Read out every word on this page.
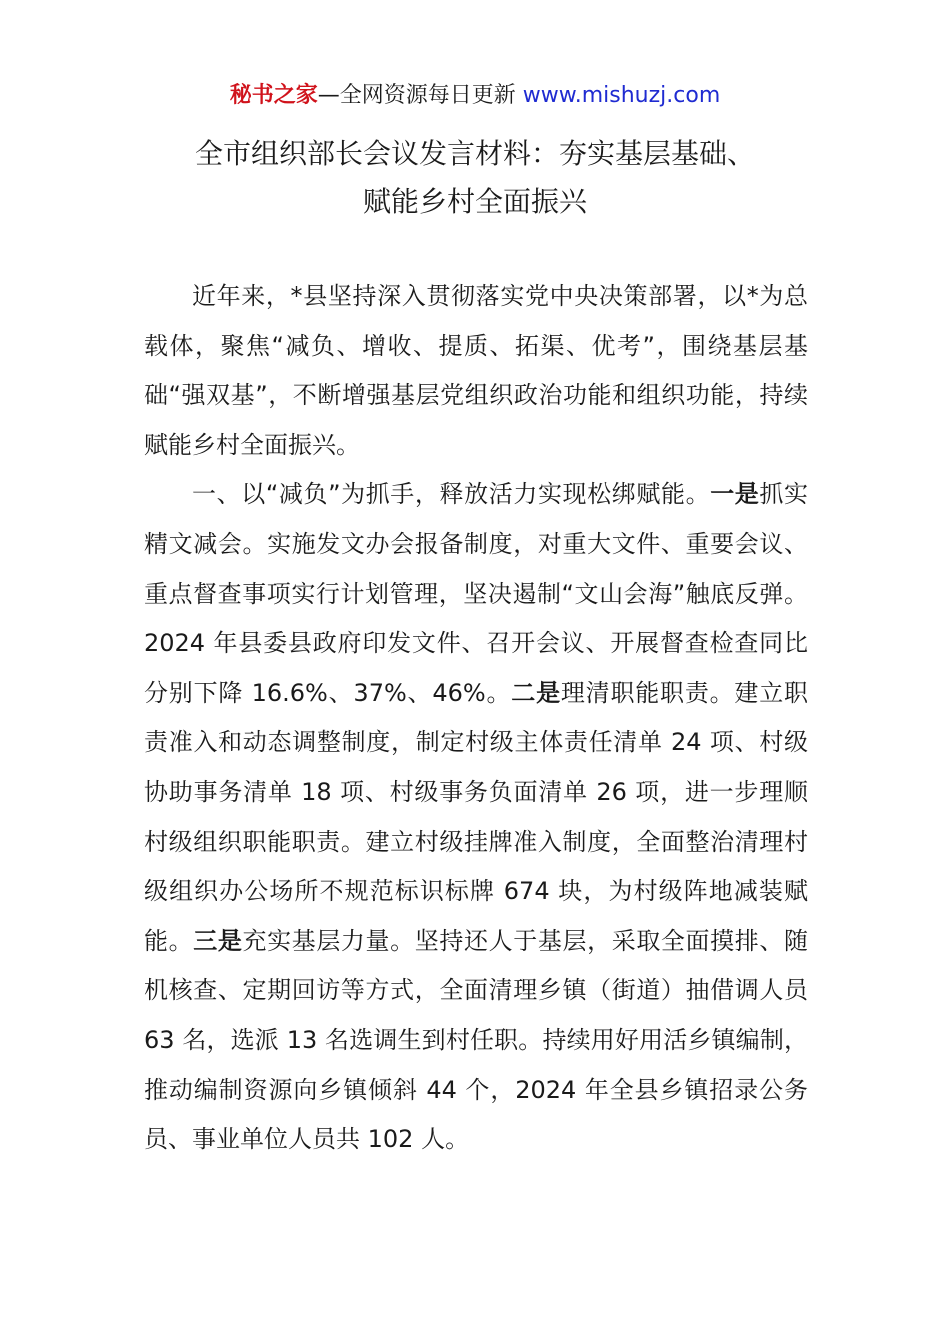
秘书之家—全网资源每日更新 www.mishuzj.com
全市组织部长会议发言材料：夯实基层基础、
赋能乡村全面振兴

近年来，*县坚持深入贯彻落实党中央决策部署，以*为总载体，聚焦“减负、增收、提质、拓渠、优考”，围绕基层基础“强双基”，不断增强基层党组织政治功能和组织功能，持续赋能乡村全面振兴。

一、以“减负”为抓手，释放活力实现松绑赋能。一是抓实精文减会。实施发文办会报备制度，对重大文件、重要会议、重点督查事项实行计划管理，坚决遏制“文山会海”触底反弹。2024 年县委县政府印发文件、召开会议、开展督查检查同比分别下降 16.6%、37%、46%。二是理清职能职责。建立职责准入和动态调整制度，制定村级主体责任清单 24 项、村级协助事务清单 18 项、村级事务负面清单 26 项，进一步理顺村级组织职能职责。建立村级挂牌准入制度，全面整治清理村级组织办公场所不规范标识标牌 674 块，为村级阵地减装赋能。三是充实基层力量。坚持还人于基层，采取全面摸排、随机核查、定期回访等方式，全面清理乡镇（街道）抽借调人员 63 名，选派 13 名选调生到村任职。持续用好用活乡镇编制，推动编制资源向乡镇倾斜 44 个，2024 年全县乡镇招录公务员、事业单位人员共 102 人。
